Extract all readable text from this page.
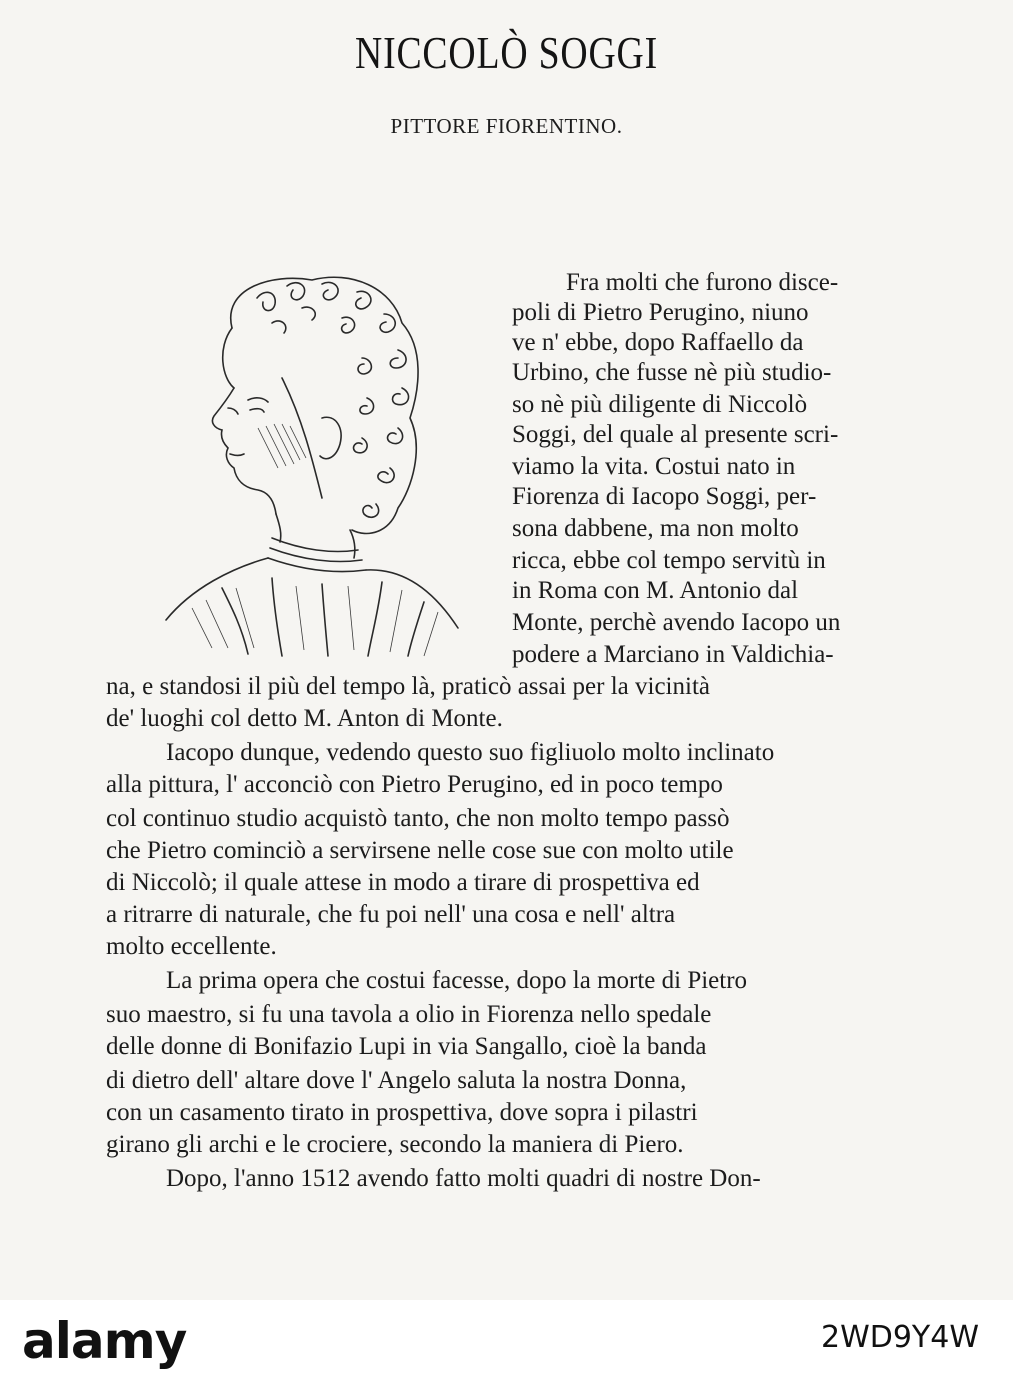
NICCOLÒ SOGGI
PITTORE FIORENTINO.
Fra molti che furono disce-
poli di Pietro Perugino, niuno
ve n' ebbe, dopo Raffaello da
Urbino, che fusse nè più studio-
so nè più diligente di Niccolò
Soggi, del quale al presente scri-
viamo la vita. Costui nato in
Fiorenza di Iacopo Soggi, per-
sona dabbene, ma non molto
ricca, ebbe col tempo servitù in
in Roma con M. Antonio dal
Monte, perchè avendo Iacopo un
podere a Marciano in Valdichia-
na, e standosi il più del tempo là, praticò assai per la vicinità
de' luoghi col detto M. Anton di Monte.
Iacopo dunque, vedendo questo suo figliuolo molto inclinato
alla pittura, l' acconciò con Pietro Perugino, ed in poco tempo
col continuo studio acquistò tanto, che non molto tempo passò
che Pietro cominciò a servirsene nelle cose sue con molto utile
di Niccolò; il quale attese in modo a tirare di prospettiva ed
a ritrarre di naturale, che fu poi nell' una cosa e nell' altra
molto eccellente.
La prima opera che costui facesse, dopo la morte di Pietro
suo maestro, si fu una tavola a olio in Fiorenza nello spedale
delle donne di Bonifazio Lupi in via Sangallo, cioè la banda
di dietro dell' altare dove l' Angelo saluta la nostra Donna,
con un casamento tirato in prospettiva, dove sopra i pilastri
girano gli archi e le crociere, secondo la maniera di Piero.
Dopo, l'anno 1512 avendo fatto molti quadri di nostre Don-
alamy	2WD9Y4W
